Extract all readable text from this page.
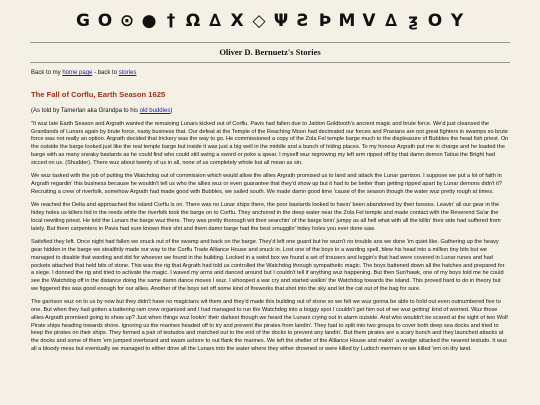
G O ⊙ ● † Ω ∆ X ◇ Ψ Ƨ Þ M V ∆ ƺ O Y
Oliver D. Bernuetz's Stories
Back to my home page - back to stories
The Fall of Corflu, Earth Season 1625
(As told by Tamerlan aka Grandpa to his old buddies)

"It wuz late Earth Season and Argrath wanted the remaining Lunars kicked out of Corflu. Pavis had fallen due to Jaldon Goldtooth's ancient magic and brute force. We'd just cleansed the Grantlands of Lunars again by brute force, nasty business that. Our defeat at the Temple of the Reaching Moon had decimated our forces and Praxians are not great fighters in swamps so brute force was not really an option. Argrath decided that trickery was the way to go. He commissioned a copy of the Zola Fel temple barge much to the displeasure of Bubbles the head fish priest. On the outside the barge looked just like the real temple barge but inside it was just a big well in the middle and a bunch of hiding places. To my honour Argrath put me in charge and he loaded the barge with as many sneaky bastards as he could find who could still swing a sword or poke a spear. I myself wuz regrowing my left arm ripped off by that damn demon Tatius the Bright had sicced on us. (Shudder). There wuz about twenty of us in all, none of us completely whole but all mean as sin.

We wuz tasked with the job of putting the Watchdog out of commission which would allow the allies Argrath promised us to land and attack the Lunar garrison. I suppose we put a lot of faith in Argrath regardin' this business because he wouldn't tell us who the allies wuz or even guarantee that they'd show up but it had to be better than getting ripped apart by Lunar demons didn't it? Recruiting a crew of riverfolk, somehow Argrath had made good with Bubbles, we sailed south. We made damn good time 'cause of the season though the water wuz pretty rough at times.

We reached the Delta and approached the island Corflu is on. There was no Lunar ships there, the poor bastards looked to havin' been abandoned by their bosses. Leavin' all our gear in the hidey holes us killers hid in the reeds while the riverfolk took the barge on to Corflu. They anchored in the deep water near the Zola Fel temple and made contact with the Reverend Sa'ar the local newtling priest. He told the Lunars the barge wuz there. They was pretty thorough wit their searchin' of the barge bein' jumpy as all hell what with all the killin' their side had suffered from lately. But them carpenters in Pavis had sure known their shit and them damn barge had the best smugglin' hidey holes you ever done saw.

Satisfied they left. Once night had fallen we snuck out of the swamp and back on the barge. They'd left one guard but he wuzn't no trouble ans we done 'im quiet like. Gathering up the heavy gear hidden in the barge we stealthily made our way to the Corflu Trade Alliance House and snuck in. Lost one of the boys to a warding spell, blew his head into a million tiny bits but we managed to disable that warding and did for whoever we found in the building. Locked in a swird box we found a set of trousers and leggin's that had were covered in Lunar runes and had pockets attached that held bits of stone. This was the rig that Argrath had told us controlled the Watchdog through sympathetic magic. The boys battened down all the hatches and prepared for a siege. I donned the rig and tried to activate the magic. I waved my arms and danced around but I couldn't tell if anything wuz happening. But then Sun'hawk, one of my boys told me he could see the Watchdog off in the distance doing the same damn dance moves I wuz. I whooped a war cry and started walkin' the Watchdog towards the island. This proved hard to do in theory but we figgered this was good enough for our allies. Another of the boys set off some kind of fireworks that shot into the sky and let the cat out of the bag for sure.

The garrison wuz on to us by now but they didn't have no magicians wit them and they'd made this building out of stone so we felt we wuz gonna be able to hold out even outnumbered five to one. But when they had gotten a battering ram crew organized and I had managed to run the Watchdog into a boggy spot I couldn't get him out of we wuz getting' kind of worried. Wuz those allies Argrath promised going to show up? Just when things wuz lookin' their darkest though we heard the Lunars crying out in alarm outside. And who wouldn't be scared at the sight of two Wolf Pirate ships heading towards shore. Ignoring us the marines headed off to try and prevent the pirates from landin'. They had to split into two groups to cover both deep sea docks and tried to keep the pirates on their ships. They formed a pair of testudos and marched out to the end of the docks to prevent any landin'. But them pirates are a scary bunch and they launched attacks at the docks and some of them 'em jumped overboard and swam ashore to out flank the marines. We left the shelter of the Alliance House and makin' a wedge attacked the nearest testudo. It wuz all a bloody mess but eventually we managed to either drive all the Lunars into the water where they either drowned or were killed by Ludoch mermen or we killed 'em on dry land.
